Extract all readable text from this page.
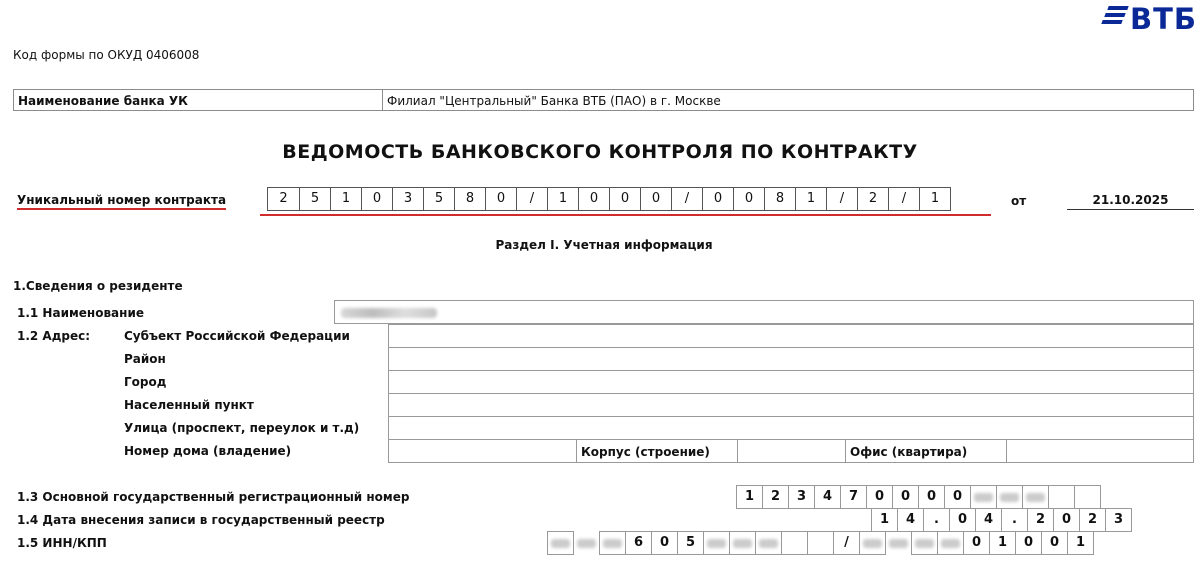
ВТБ
Код формы по ОКУД 0406008
Наименование банка УК	Филиал "Центральный" Банка ВТБ (ПАО) в г. Москве
ВЕДОМОСТЬ БАНКОВСКОГО КОНТРОЛЯ ПО КОНТРАКТУ
Уникальный номер контракта	2	5	1	0	3	5	8	0	/	1	0	0	0	/	0	0	8	1	/	2	/	1	от	21.10.2025
Раздел I. Учетная информация
1.Сведения о резиденте
1.1 Наименование
1.2 Адрес:	Субъект Российской Федерации
Район
Город
Населенный пункт
Улица (проспект, переулок и т.д)
Номер дома (владение)	Корпус (строение)	Офис (квартира)
1.3 Основной государственный регистрационный номер	1	2	3	4	7	0	0	0	0
1.4 Дата внесения записи в государственный реестр	1	4	.	0	4	.	2	0	2	3
1.5 ИНН/КПП	6	0	5	/	0	1	0	0	1
